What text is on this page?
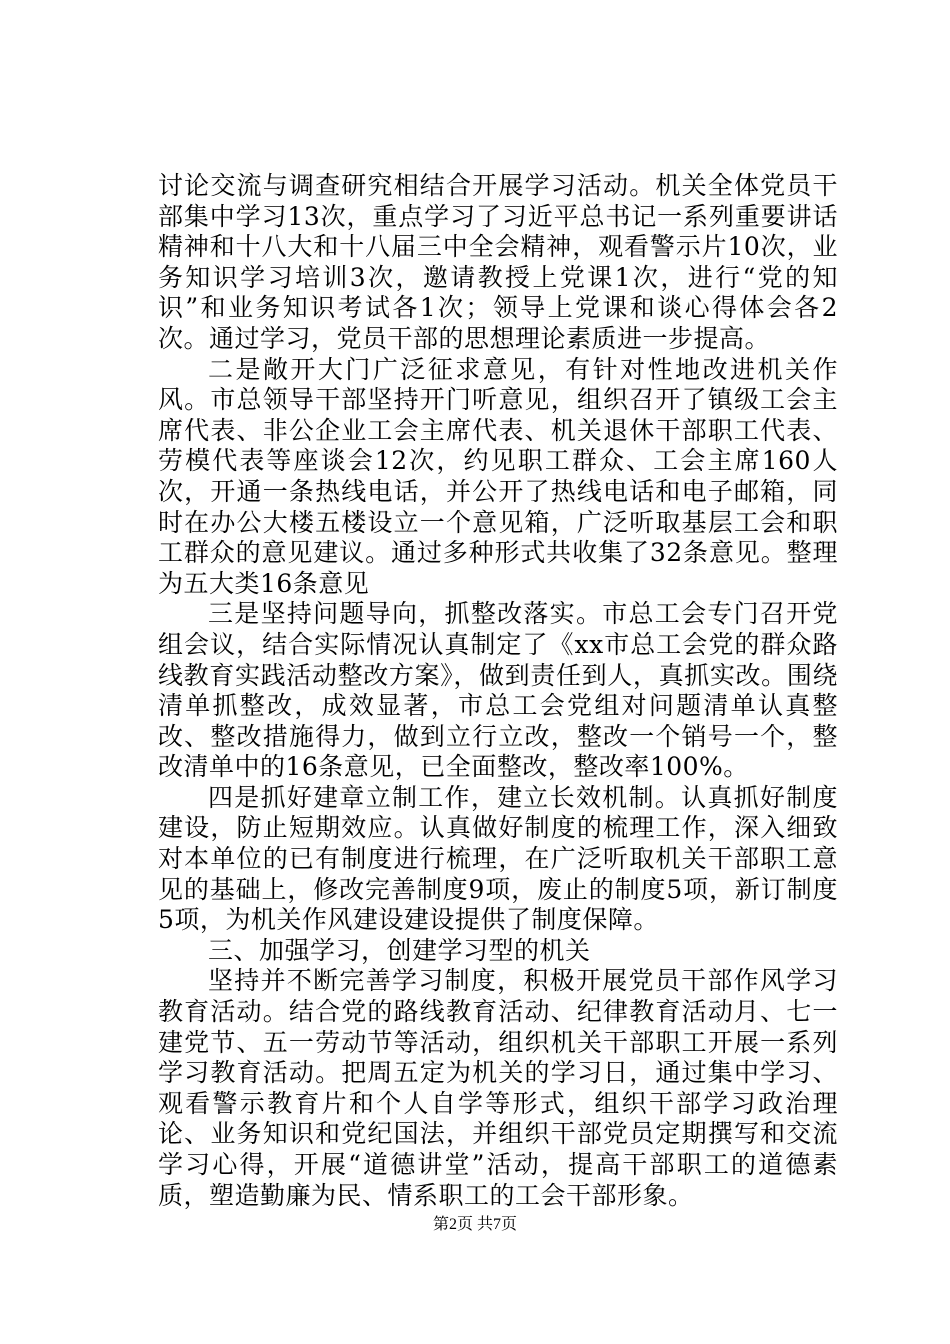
讨论交流与调查研究相结合开展学习活动。机关全体党员干部集中学习13次，重点学习了习近平总书记一系列重要讲话精神和十八大和十八届三中全会精神，观看警示片10次，业务知识学习培训3次，邀请教授上党课1次，进行“党的知识”和业务知识考试各1次；领导上党课和谈心得体会各2次。通过学习，党员干部的思想理论素质进一步提高。

二是敞开大门广泛征求意见，有针对性地改进机关作风。市总领导干部坚持开门听意见，组织召开了镇级工会主席代表、非公企业工会主席代表、机关退休干部职工代表、劳模代表等座谈会12次，约见职工群众、工会主席160人次，开通一条热线电话，并公开了热线电话和电子邮箱，同时在办公大楼五楼设立一个意见箱，广泛听取基层工会和职工群众的意见建议。通过多种形式共收集了32条意见。整理为五大类16条意见

三是坚持问题导向，抓整改落实。市总工会专门召开党组会议，结合实际情况认真制定了《xx市总工会党的群众路线教育实践活动整改方案》，做到责任到人，真抓实改。围绕清单抓整改，成效显著，市总工会党组对问题清单认真整改、整改措施得力，做到立行立改，整改一个销号一个，整改清单中的16条意见，已全面整改，整改率100%。

四是抓好建章立制工作，建立长效机制。认真抓好制度建设，防止短期效应。认真做好制度的梳理工作，深入细致对本单位的已有制度进行梳理，在广泛听取机关干部职工意见的基础上，修改完善制度9项，废止的制度5项，新订制度5项，为机关作风建设建设提供了制度保障。

三、加强学习，创建学习型的机关

坚持并不断完善学习制度，积极开展党员干部作风学习教育活动。结合党的路线教育活动、纪律教育活动月、七一建党节、五一劳动节等活动，组织机关干部职工开展一系列学习教育活动。把周五定为机关的学习日，通过集中学习、观看警示教育片和个人自学等形式，组织干部学习政治理论、业务知识和党纪国法，并组织干部党员定期撰写和交流学习心得，开展“道德讲堂”活动，提高干部职工的道德素质，塑造勤廉为民、情系职工的工会干部形象。

第2页 共7页
